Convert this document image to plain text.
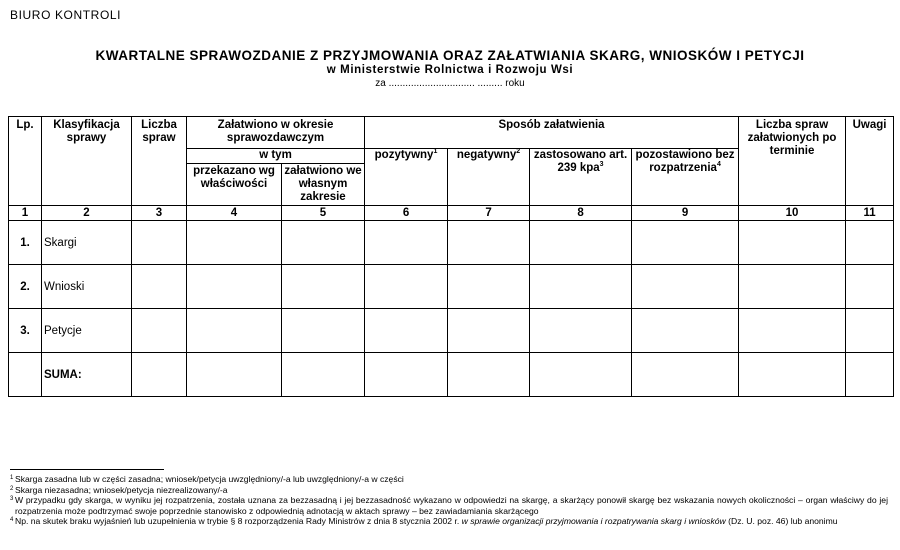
BIURO KONTROLI
KWARTALNE SPRAWOZDANIE Z PRZYJMOWANIA ORAZ ZAŁATWIANIA SKARG, WNIOSKÓW I PETYCJI
w Ministerstwie Rolnictwa i Rozwoju Wsi
za ............................... ......... roku
Lp.	Klasyfikacja sprawy	Liczba spraw	Załatwiono w okresie sprawozdawczym		Sposób załatwienia				Liczba spraw załatwionych po terminie	Uwagi
			w tym		pozytywny$^1$	negatywny$^2$	zastosowano art. 239 kpa$^3$	pozostawiono bez rozpatrzenia$^4$
			przekazano wg właściwości	załatwiono we własnym zakresie						
1	2	3	4	5	6	7	8	9	10	11
1.	Skargi									
2.	Wnioski									
3.	Petycje									
	SUMA:									
1 Skarga zasadna lub w części zasadna; wniosek/petycja uwzględniony/-a lub uwzględniony/-a w części
2 Skarga niezasadna; wniosek/petycja niezrealizowany/-a
3 W przypadku gdy skarga, w wyniku jej rozpatrzenia, została uznana za bezzasadną i jej bezzasadność wykazano w odpowiedzi na skargę, a skarżący ponowił skargę bez wskazania nowych okoliczności – organ właściwy do jej rozpatrzenia może podtrzymać swoje poprzednie stanowisko z odpowiednią adnotacją w aktach sprawy – bez zawiadamiania skarżącego
4 Np. na skutek braku wyjaśnień lub uzupełnienia w trybie § 8 rozporządzenia Rady Ministrów z dnia 8 stycznia 2002 r. w sprawie organizacji przyjmowania i rozpatrywania skarg i wniosków (Dz. U. poz. 46) lub anonimu
